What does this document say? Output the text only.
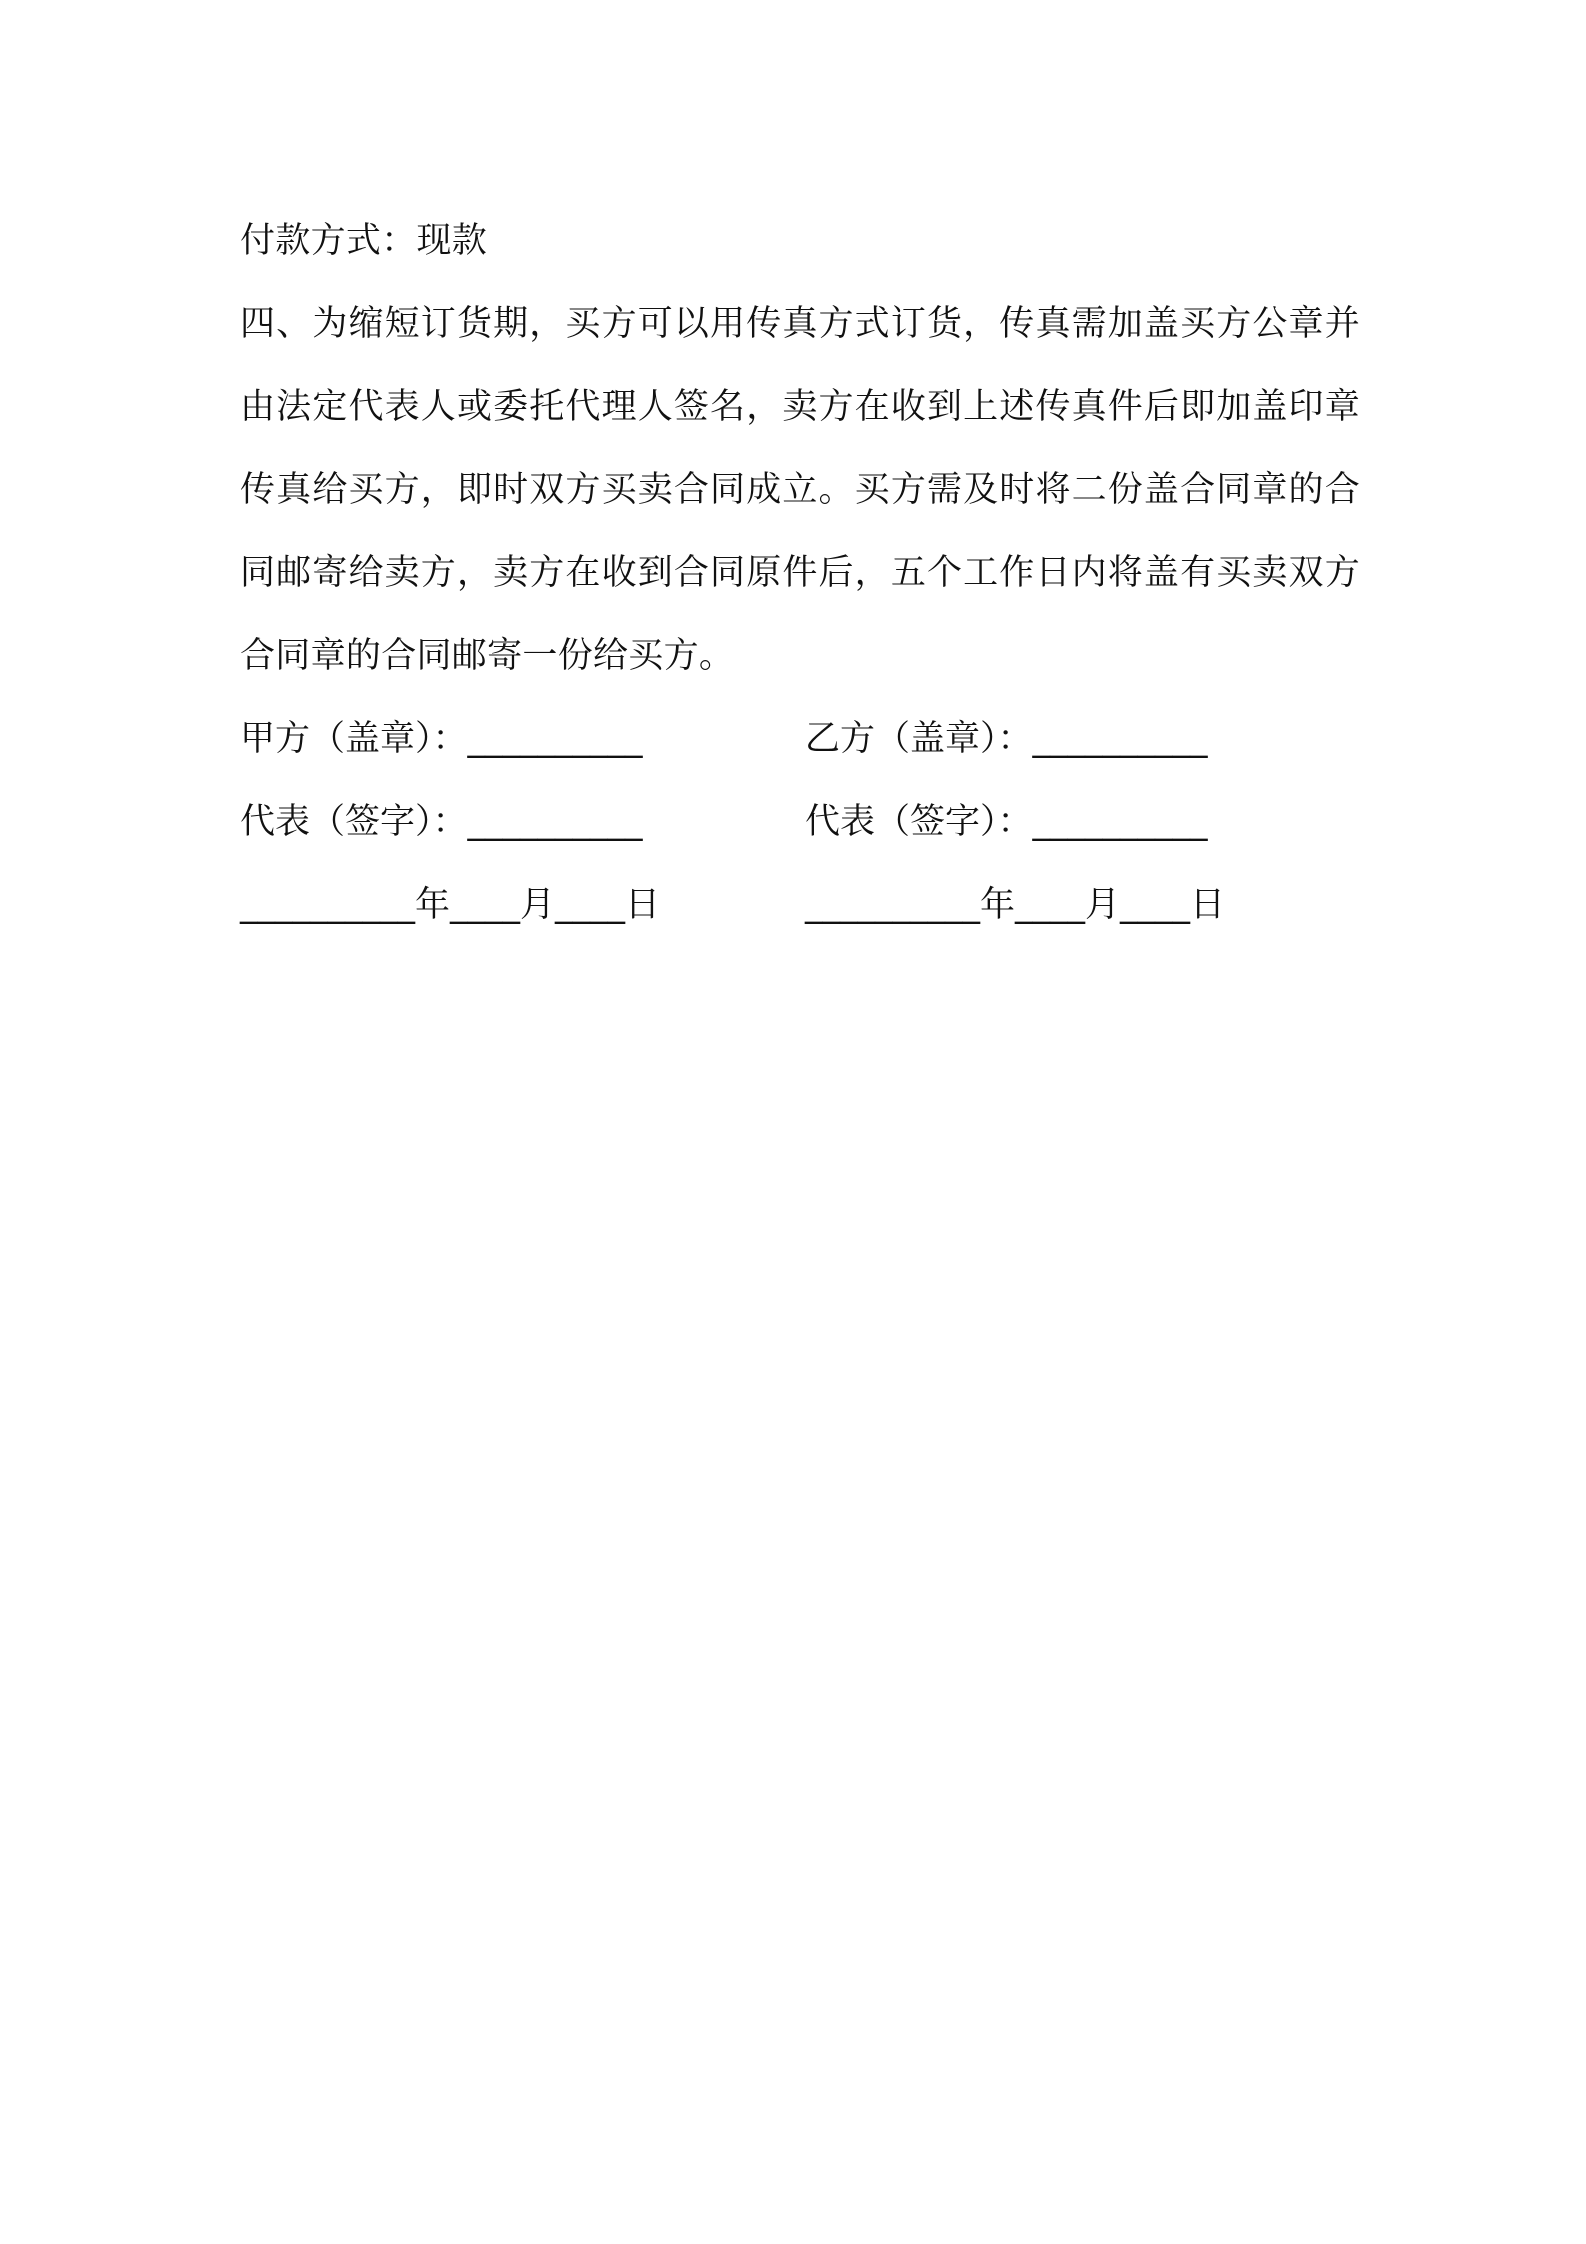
付款方式：现款
四、为缩短订货期，买方可以用传真方式订货，传真需加盖买方公章并由法定代表人或委托代理人签名，卖方在收到上述传真件后即加盖印章传真给买方，即时双方买卖合同成立。买方需及时将二份盖合同章的合同邮寄给卖方，卖方在收到合同原件后，五个工作日内将盖有买卖双方合同章的合同邮寄一份给买方。
甲方（盖章）：__________	乙方（盖章）：__________
代表（签字）：__________	代表（签字）：__________
__________年____月____日	__________年____月____日
